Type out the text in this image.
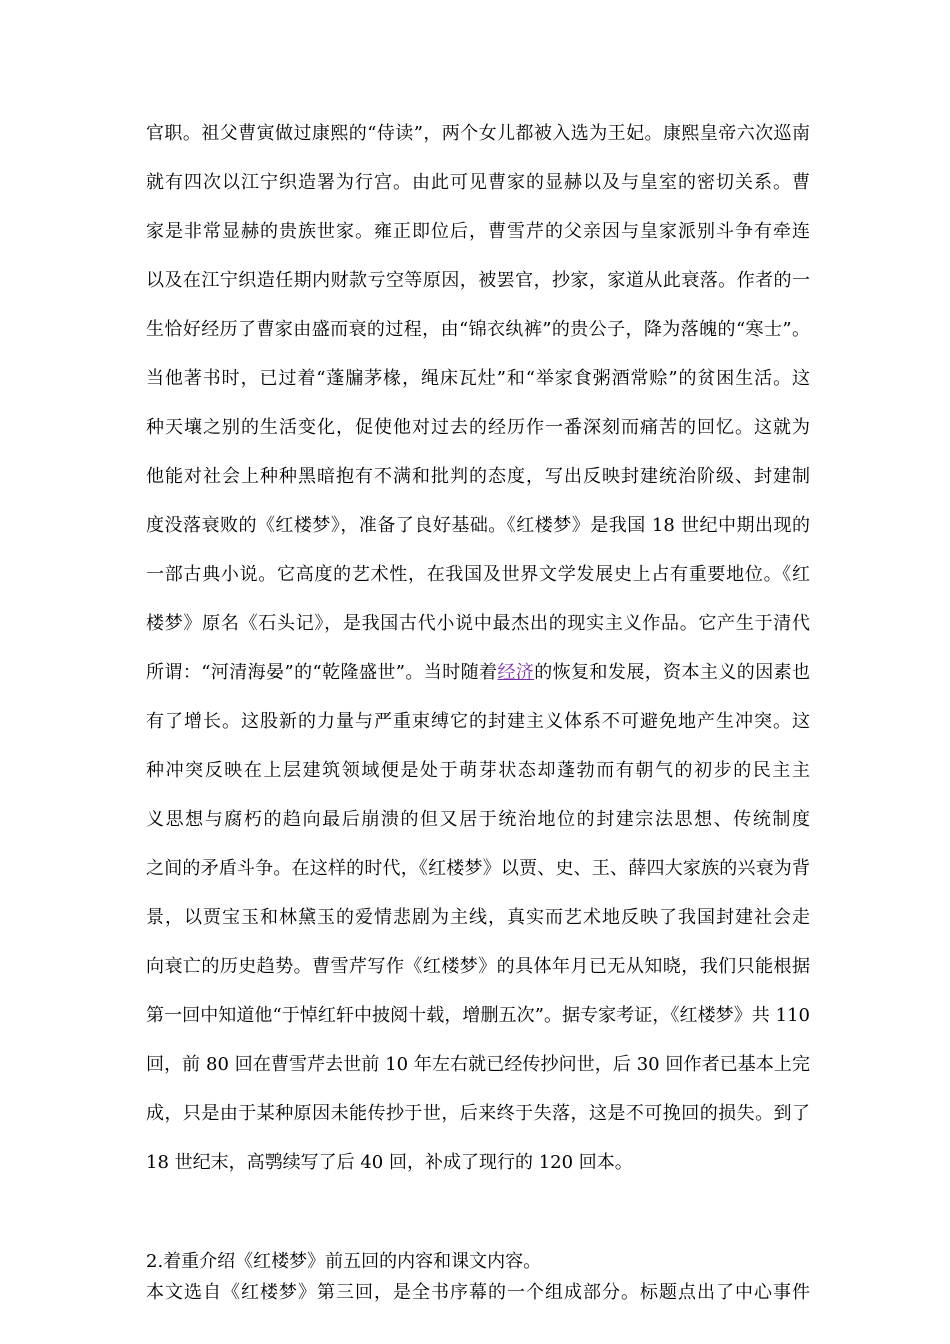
官职。祖父曹寅做过康熙的“侍读”，两个女儿都被入选为王妃。康熙皇帝六次巡南
就有四次以江宁织造署为行宫。由此可见曹家的显赫以及与皇室的密切关系。曹
家是非常显赫的贵族世家。雍正即位后，曹雪芹的父亲因与皇家派别斗争有牵连
以及在江宁织造任期内财款亏空等原因，被罢官，抄家，家道从此衰落。作者的一
生恰好经历了曹家由盛而衰的过程，由“锦衣纨裤”的贵公子，降为落魄的“寒士”。
当他著书时，已过着“蓬牖茅椽，绳床瓦灶”和“举家食粥酒常赊”的贫困生活。这
种天壤之别的生活变化，促使他对过去的经历作一番深刻而痛苦的回忆。这就为
他能对社会上种种黑暗抱有不满和批判的态度，写出反映封建统治阶级、封建制
度没落衰败的《红楼梦》，准备了良好基础。《红楼梦》是我国 18 世纪中期出现的
一部古典小说。它高度的艺术性，在我国及世界文学发展史上占有重要地位。《红
楼梦》原名《石头记》，是我国古代小说中最杰出的现实主义作品。它产生于清代
所谓：“河清海晏”的“乾隆盛世”。当时随着经济的恢复和发展，资本主义的因素也
有了增长。这股新的力量与严重束缚它的封建主义体系不可避免地产生冲突。这
种冲突反映在上层建筑领域便是处于萌芽状态却蓬勃而有朝气的初步的民主主
义思想与腐朽的趋向最后崩溃的但又居于统治地位的封建宗法思想、传统制度
之间的矛盾斗争。在这样的时代，《红楼梦》以贾、史、王、薛四大家族的兴衰为背
景，以贾宝玉和林黛玉的爱情悲剧为主线，真实而艺术地反映了我国封建社会走
向衰亡的历史趋势。曹雪芹写作《红楼梦》的具体年月已无从知晓，我们只能根据
第一回中知道他“于悼红轩中披阅十载，增删五次”。据专家考证，《红楼梦》共 110
回，前 80 回在曹雪芹去世前 10 年左右就已经传抄问世，后 30 回作者已基本上完
成，只是由于某种原因未能传抄于世，后来终于失落，这是不可挽回的损失。到了
18 世纪末，高鹗续写了后 40 回，补成了现行的 120 回本。
2.着重介绍《红楼梦》前五回的内容和课文内容。
本文选自《红楼梦》第三回，是全书序幕的一个组成部分。标题点出了中心事件
